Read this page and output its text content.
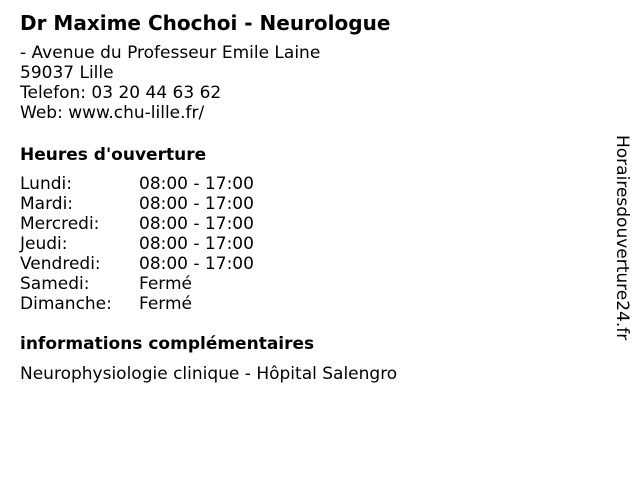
Dr Maxime Chochoi - Neurologue
- Avenue du Professeur Emile Laine
59037 Lille
Telefon: 03 20 44 63 62
Web: www.chu-lille.fr/
Heures d'ouverture
Lundi:	08:00 - 17:00
Mardi:	08:00 - 17:00
Mercredi: 08:00 - 17:00
Jeudi:	08:00 - 17:00
Vendredi: 08:00 - 17:00
Samedi:	Fermé
Dimanche: Fermé
informations complémentaires
Neurophysiologie clinique - Hôpital Salengro
Horairesdouverture24.fr
